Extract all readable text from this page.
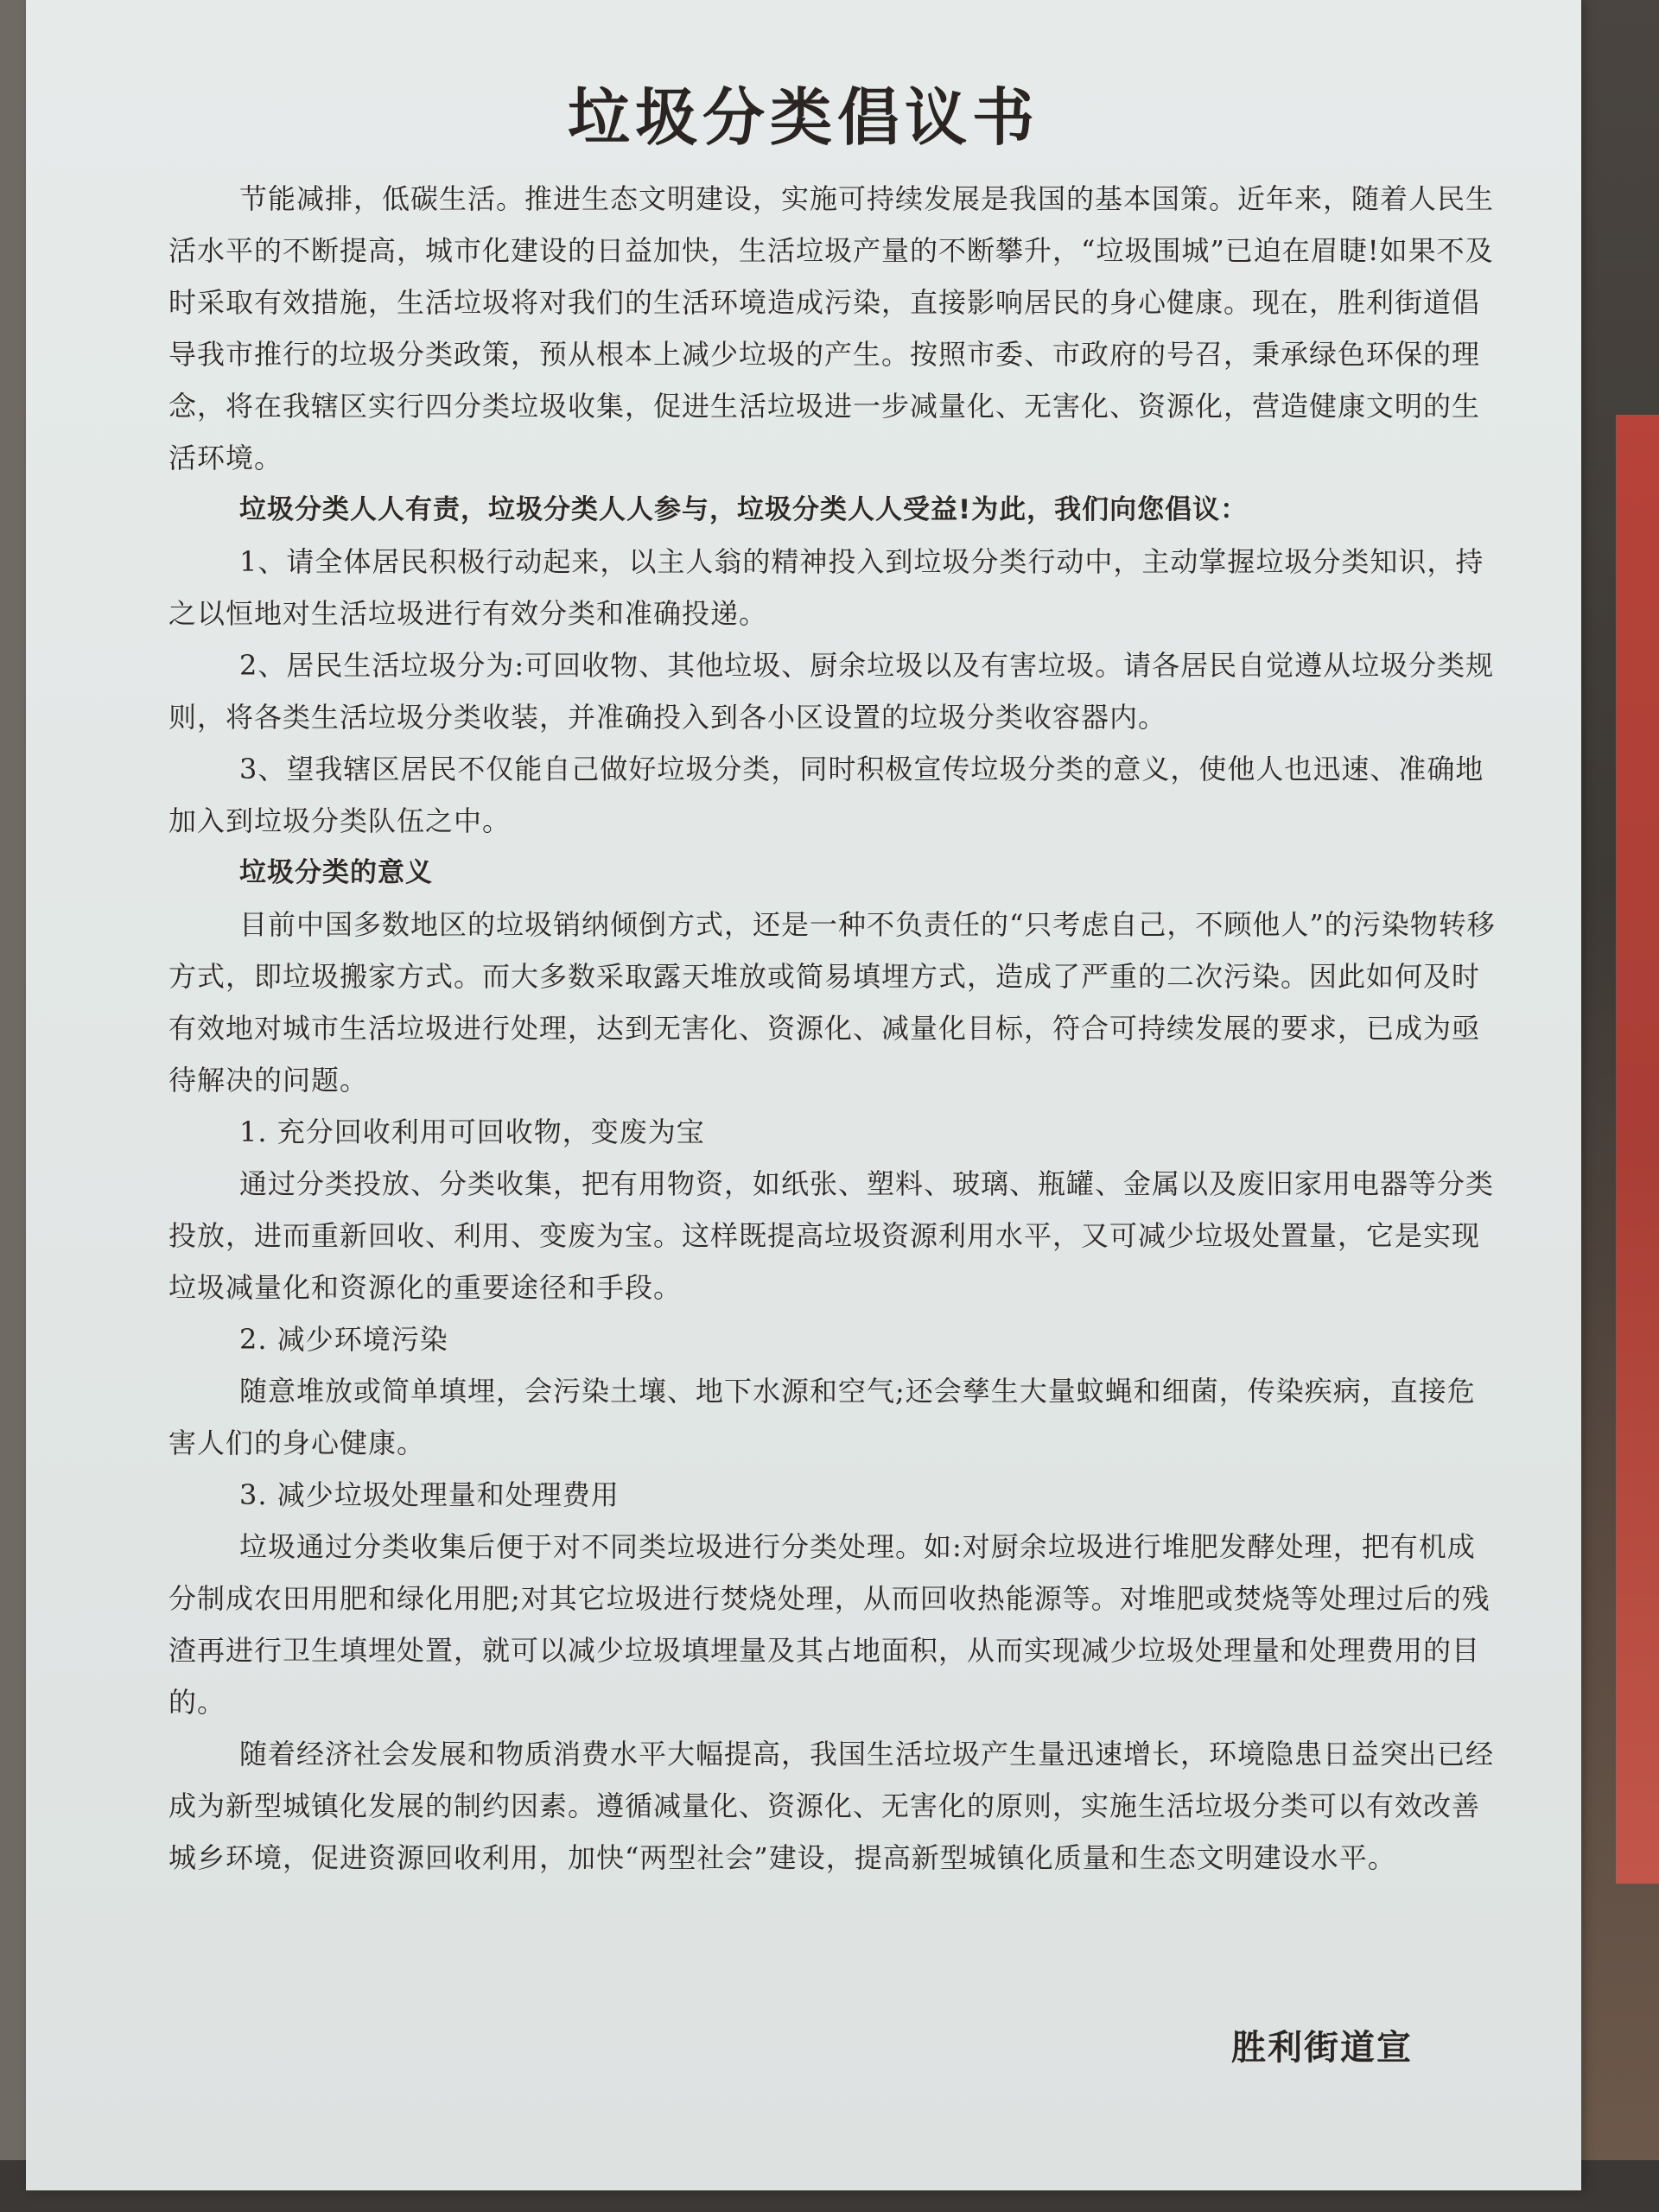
垃圾分类倡议书

节能减排，低碳生活。推进生态文明建设，实施可持续发展是我国的基本国策。近年来，随着人民生活水平的不断提高，城市化建设的日益加快，生活垃圾产量的不断攀升，“垃圾围城”已迫在眉睫!如果不及时采取有效措施，生活垃圾将对我们的生活环境造成污染，直接影响居民的身心健康。现在，胜利街道倡导我市推行的垃圾分类政策，预从根本上减少垃圾的产生。按照市委、市政府的号召，秉承绿色环保的理念，将在我辖区实行四分类垃圾收集，促进生活垃圾进一步减量化、无害化、资源化，营造健康文明的生活环境。

垃圾分类人人有责，垃圾分类人人参与，垃圾分类人人受益!为此，我们向您倡议：

1、请全体居民积极行动起来，以主人翁的精神投入到垃圾分类行动中，主动掌握垃圾分类知识，持之以恒地对生活垃圾进行有效分类和准确投递。

2、居民生活垃圾分为:可回收物、其他垃圾、厨余垃圾以及有害垃圾。请各居民自觉遵从垃圾分类规则，将各类生活垃圾分类收装，并准确投入到各小区设置的垃圾分类收容器内。

3、望我辖区居民不仅能自己做好垃圾分类，同时积极宣传垃圾分类的意义，使他人也迅速、准确地加入到垃圾分类队伍之中。

垃圾分类的意义

目前中国多数地区的垃圾销纳倾倒方式，还是一种不负责任的“只考虑自己，不顾他人”的污染物转移方式，即垃圾搬家方式。而大多数采取露天堆放或简易填埋方式，造成了严重的二次污染。因此如何及时有效地对城市生活垃圾进行处理，达到无害化、资源化、减量化目标，符合可持续发展的要求，已成为亟待解决的问题。

1. 充分回收利用可回收物，变废为宝

通过分类投放、分类收集，把有用物资，如纸张、塑料、玻璃、瓶罐、金属以及废旧家用电器等分类投放，进而重新回收、利用、变废为宝。这样既提高垃圾资源利用水平，又可减少垃圾处置量，它是实现垃圾减量化和资源化的重要途径和手段。

2. 减少环境污染

随意堆放或简单填埋，会污染土壤、地下水源和空气;还会孳生大量蚊蝇和细菌，传染疾病，直接危害人们的身心健康。

3. 减少垃圾处理量和处理费用

垃圾通过分类收集后便于对不同类垃圾进行分类处理。如:对厨余垃圾进行堆肥发酵处理，把有机成分制成农田用肥和绿化用肥;对其它垃圾进行焚烧处理，从而回收热能源等。对堆肥或焚烧等处理过后的残渣再进行卫生填埋处置，就可以减少垃圾填埋量及其占地面积，从而实现减少垃圾处理量和处理费用的目的。

随着经济社会发展和物质消费水平大幅提高，我国生活垃圾产生量迅速增长，环境隐患日益突出已经成为新型城镇化发展的制约因素。遵循减量化、资源化、无害化的原则，实施生活垃圾分类可以有效改善城乡环境，促进资源回收利用，加快“两型社会”建设，提高新型城镇化质量和生态文明建设水平。

胜利街道宣
